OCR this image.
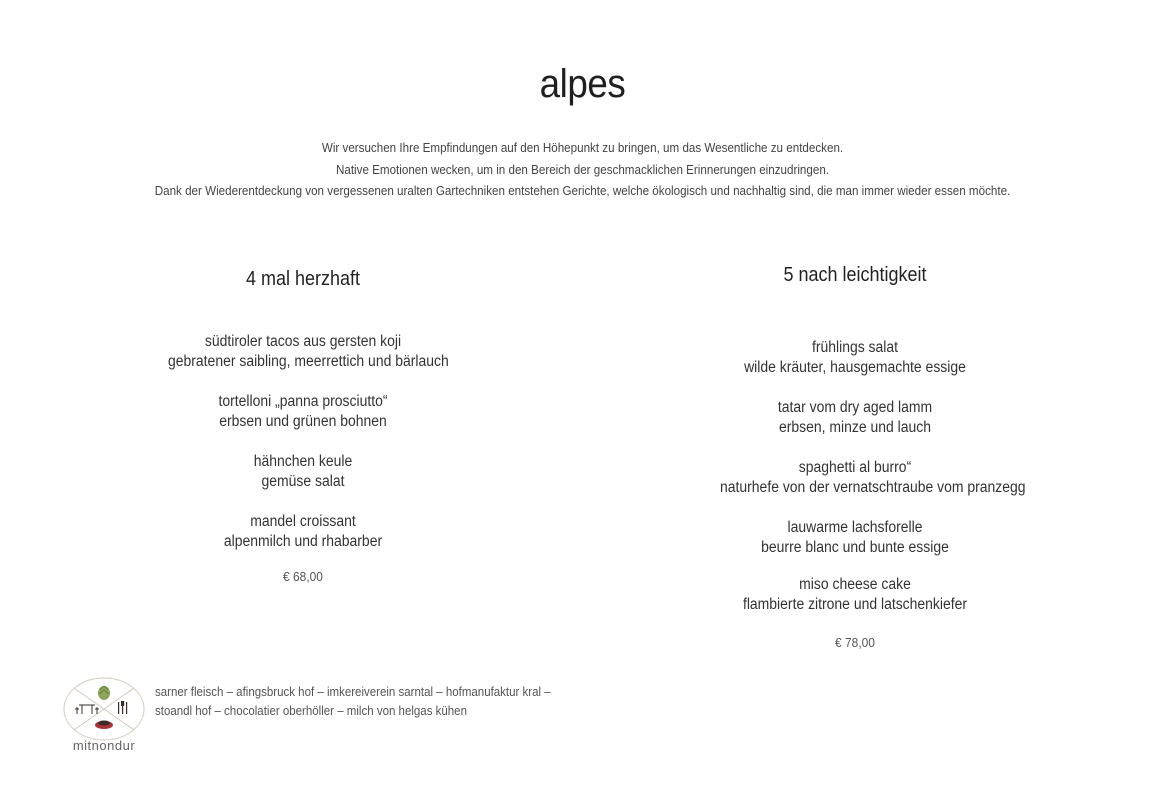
alpes
Wir versuchen Ihre Empfindungen auf den Höhepunkt zu bringen, um das Wesentliche zu entdecken.
Native Emotionen wecken, um in den Bereich der geschmacklichen Erinnerungen einzudringen.
Dank der Wiederentdeckung von vergessenen uralten Gartechniken entstehen Gerichte, welche ökologisch und nachhaltig sind, die man immer wieder essen möchte.
4 mal herzhaft
südtiroler tacos aus gersten koji
gebratener saibling, meerrettich und bärlauch
tortelloni „panna prosciutto“
erbsen und grünen bohnen
hähnchen keule
gemüse salat
mandel croissant
alpenmilch und rhabarber
€ 68,00
5 nach leichtigkeit
frühlings salat
wilde kräuter, hausgemachte essige
tatar vom dry aged lamm
erbsen, minze und lauch
spaghetti al burro“
naturhefe von der vernatschtraube vom pranzegg
lauwarme lachsforelle
beurre blanc und bunte essige
miso cheese cake
flambierte zitrone und latschenkiefer
€ 78,00
mitnondur
sarner fleisch – afingsbruck hof – imkereiverein sarntal – hofmanufaktur kral –
stoandl hof – chocolatier oberhöller – milch von helgas kühen
